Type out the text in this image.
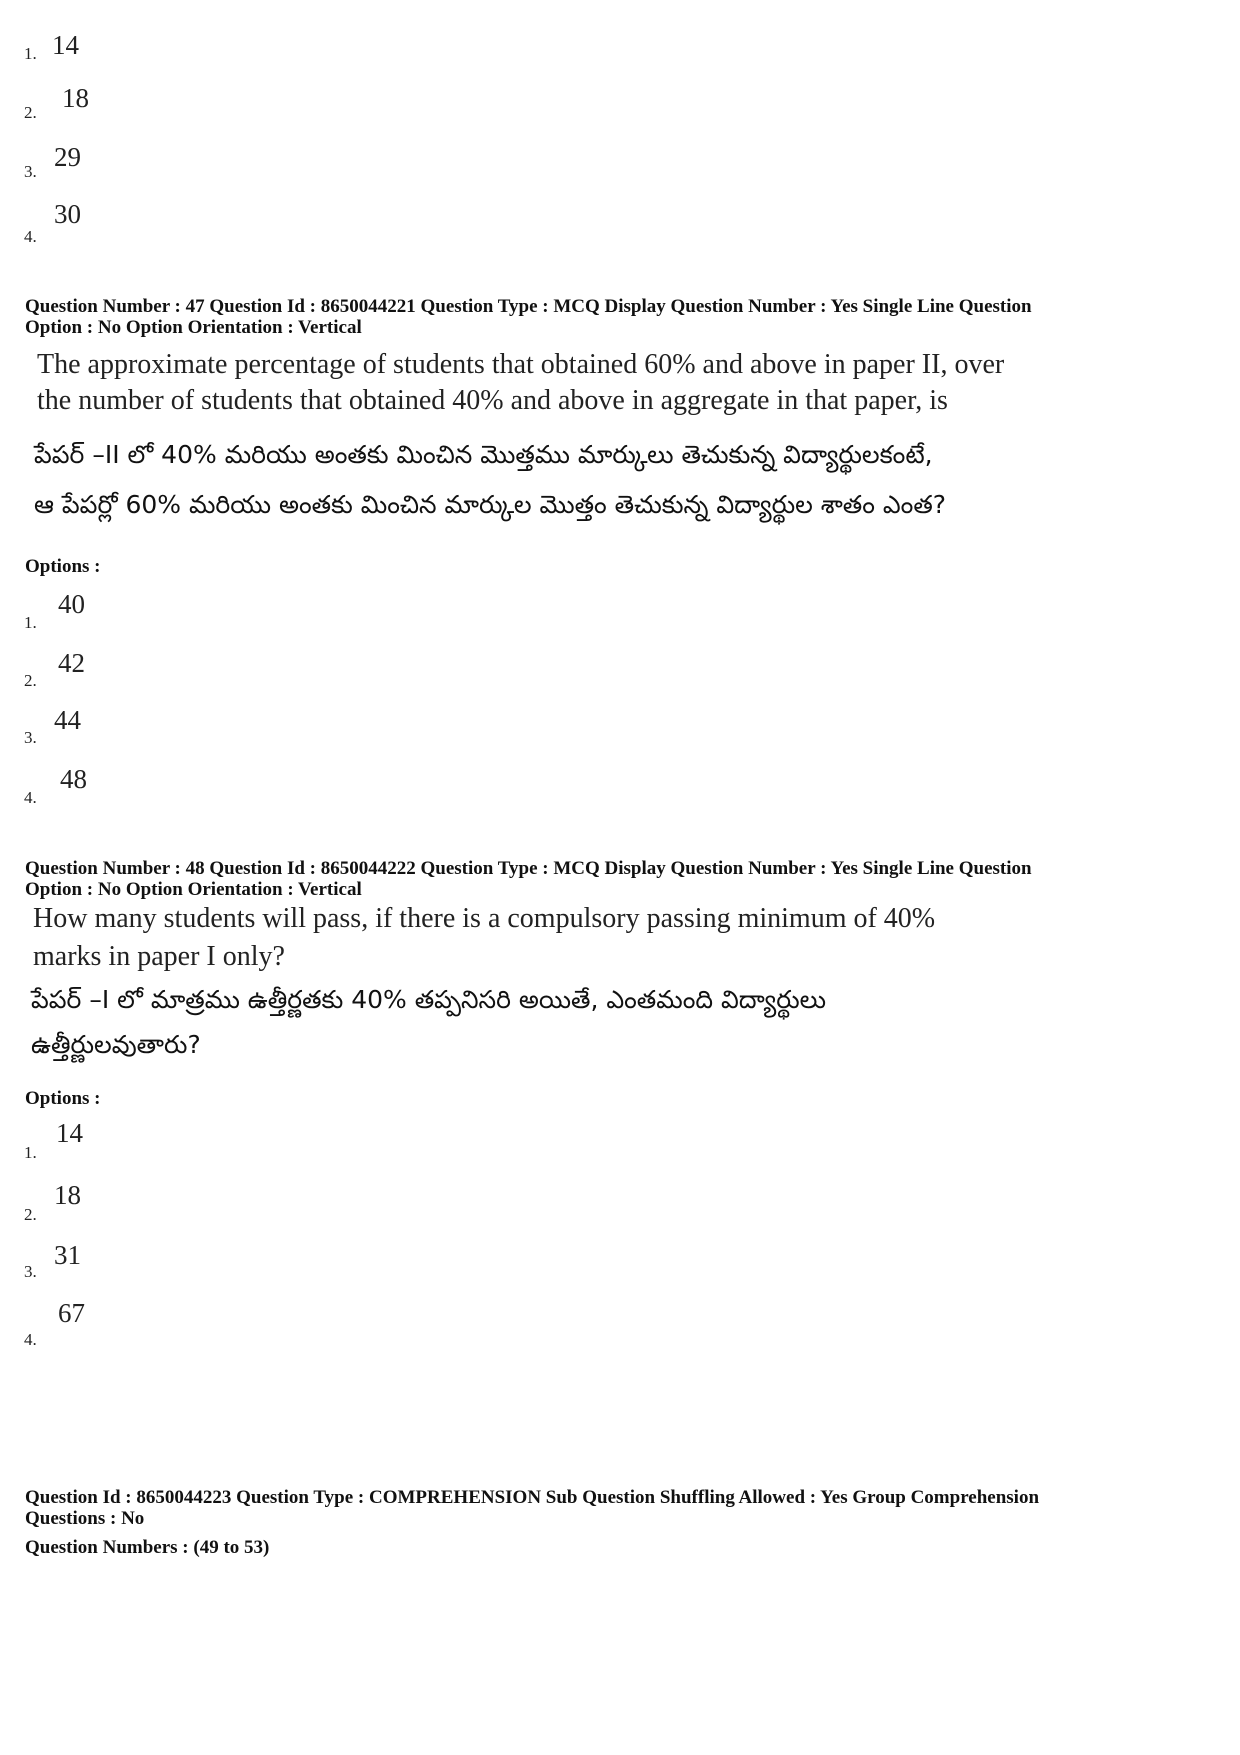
1. 14
2. 18
3. 29
4.
30
Question Number : 47 Question Id : 8650044221 Question Type : MCQ Display Question Number : Yes Single Line Question
Option : No Option Orientation : Vertical
The approximate percentage of students that obtained 60% and above in paper II, over
the number of students that obtained 40% and above in aggregate in that paper, is
పేపర్ –II లో 40% మరియు అంతకు మించిన మొత్తము మార్కులు తెచుకున్న విద్యార్థులకంటే,
ఆ పేపర్లో 60% మరియు అంతకు మించిన మార్కుల మొత్తం తెచుకున్న విద్యార్థుల శాతం ఎంత?
Options :
1.
40
2.
42
3.
44
4.
48
Question Number : 48 Question Id : 8650044222 Question Type : MCQ Display Question Number : Yes Single Line Question
Option : No Option Orientation : Vertical
How many students will pass, if there is a compulsory passing minimum of 40%
marks in paper I only?
పేపర్ –I లో మాత్రము ఉత్తీర్ణతకు 40% తప్పనిసరి అయితే, ఎంతమంది విద్యార్థులు
ఉత్తీర్ణులవుతారు?
Options :
1.
14
2.
18
3.
31
4.
67
Question Id : 8650044223 Question Type : COMPREHENSION Sub Question Shuffling Allowed : Yes Group Comprehension
Questions : No
Question Numbers : (49 to 53)
